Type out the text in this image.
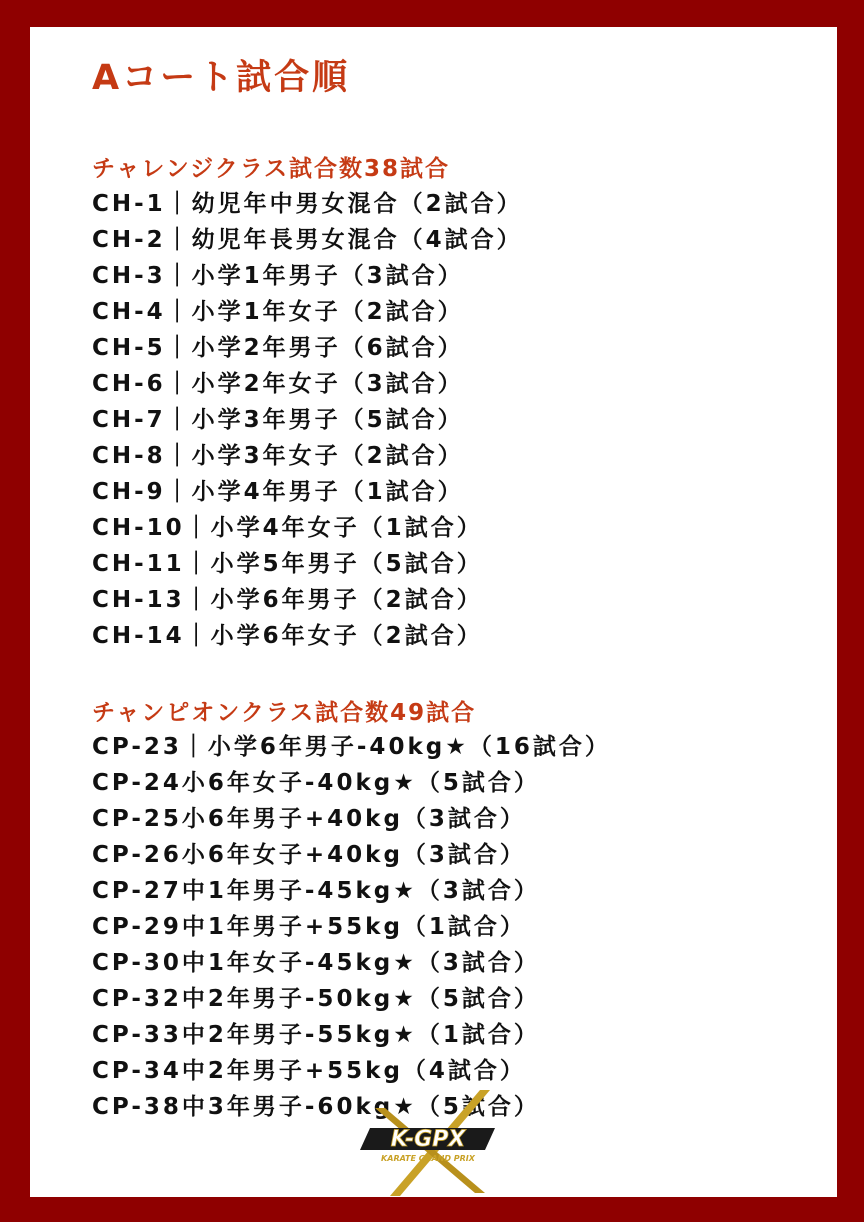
Aコート試合順
チャレンジクラス試合数38試合
CH-1｜幼児年中男女混合（2試合）
CH-2｜幼児年長男女混合（4試合）
CH-3｜小学1年男子（3試合）
CH-4｜小学1年女子（2試合）
CH-5｜小学2年男子（6試合）
CH-6｜小学2年女子（3試合）
CH-7｜小学3年男子（5試合）
CH-8｜小学3年女子（2試合）
CH-9｜小学4年男子（1試合）
CH-10｜小学4年女子（1試合）
CH-11｜小学5年男子（5試合）
CH-13｜小学6年男子（2試合）
CH-14｜小学6年女子（2試合）
チャンピオンクラス試合数49試合
CP-23｜小学6年男子-40kg★（16試合）
CP-24小6年女子-40kg★（5試合）
CP-25小6年男子+40kg（3試合）
CP-26小6年女子+40kg（3試合）
CP-27中1年男子-45kg★（3試合）
CP-29中1年男子+55kg（1試合）
CP-30中1年女子-45kg★（3試合）
CP-32中2年男子-50kg★（5試合）
CP-33中2年男子-55kg★（1試合）
CP-34中2年男子+55kg（4試合）
CP-38中3年男子-60kg★（5試合）
K-GPX
KARATE GRAND PRIX
